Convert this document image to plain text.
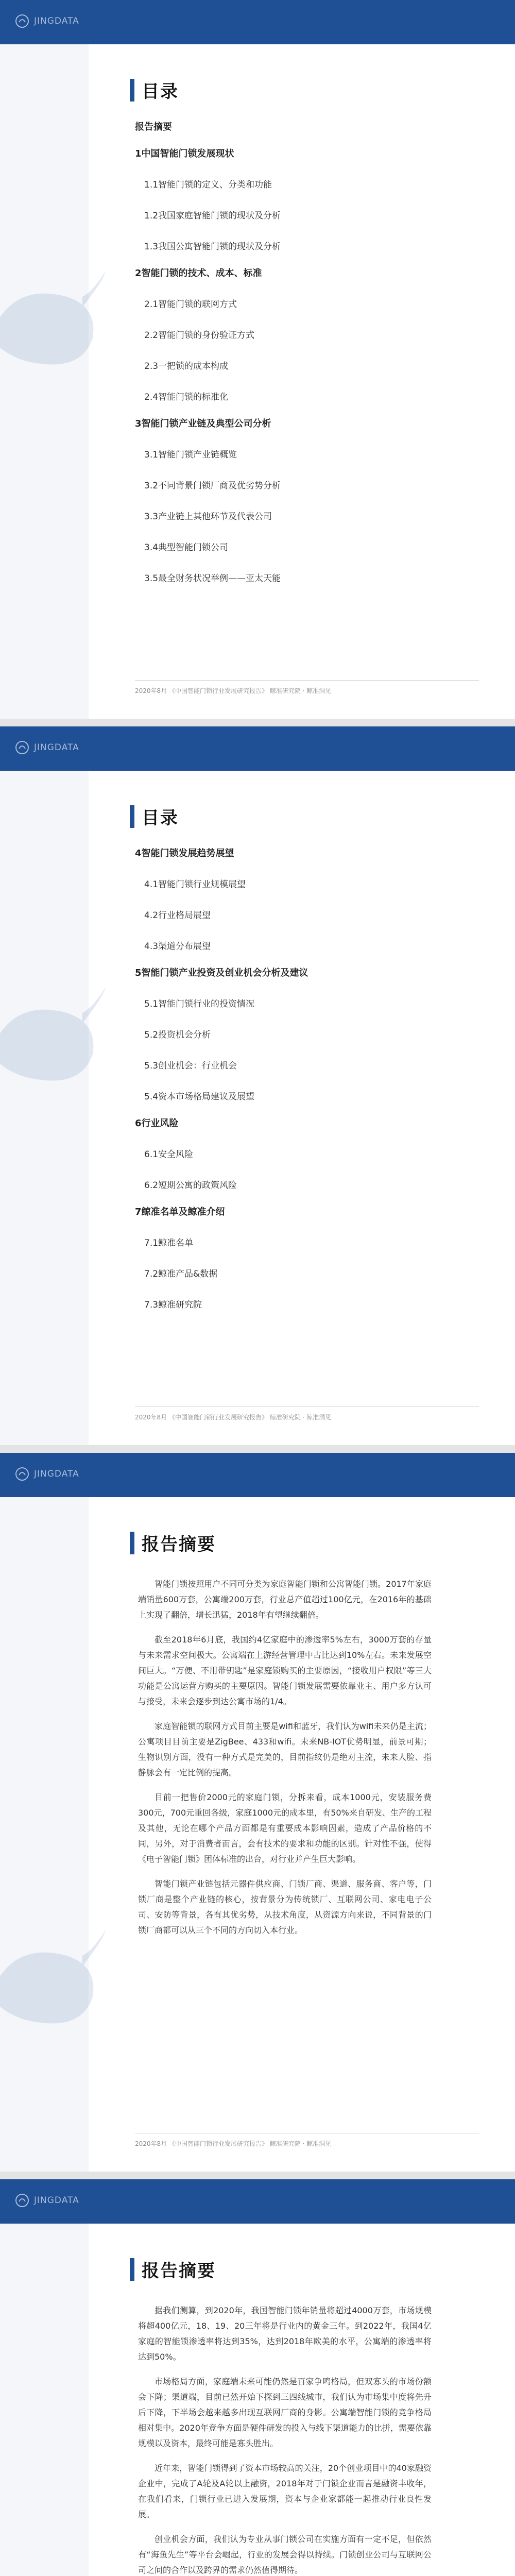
JINGDATA
目录
报告摘要
1中国智能门锁发展现状
1.1智能门锁的定义、分类和功能
1.2我国家庭智能门锁的现状及分析
1.3我国公寓智能门锁的现状及分析
2智能门锁的技术、成本、标准
2.1智能门锁的联网方式
2.2智能门锁的身份验证方式
2.3一把锁的成本构成
2.4智能门锁的标准化
3智能门锁产业链及典型公司分析
3.1智能门锁产业链概览
3.2不同背景门锁厂商及优劣势分析
3.3产业链上其他环节及代表公司
3.4典型智能门锁公司
3.5最全财务状况举例——亚太天能
2020年8月 《中国智能门锁行业发展研究报告》 鲸准研究院 · 鲸准洞见
JINGDATA
目录
4智能门锁发展趋势展望
4.1智能门锁行业规模展望
4.2行业格局展望
4.3渠道分布展望
5智能门锁产业投资及创业机会分析及建议
5.1智能门锁行业的投资情况
5.2投资机会分析
5.3创业机会：行业机会
5.4资本市场格局建议及展望
6行业风险
6.1安全风险
6.2短期公寓的政策风险
7鲸准名单及鲸准介绍
7.1鲸准名单
7.2鲸准产品&数据
7.3鲸准研究院
2020年8月 《中国智能门锁行业发展研究报告》 鲸准研究院 · 鲸准洞见
JINGDATA
报告摘要

智能门锁按照用户不同可分类为家庭智能门锁和公寓智能门锁。2017年家庭端销量600万套，公寓端200万套，行业总产值超过100亿元，在2016年的基础上实现了翻倍，增长迅猛，2018年有望继续翻倍。

截至2018年6月底，我国约4亿家庭中的渗透率5%左右，3000万套的存量与未来需求空间极大。公寓端在上游经营管理中占比达到10%左右。未来发展空间巨大。“万便、不用带钥匙”是家庭锁购买的主要原因，“接收用户权限”等三大功能是公寓运营方购买的主要原因。智能门锁发展需要依靠业主、用户多方认可与接受，未来会逐步到达公寓市场的1/4。

家庭智能锁的联网方式目前主要是wifi和蓝牙，我们认为wifi未来仍是主流；公寓项目目前主要是ZigBee、433和wifi。未来NB-IOT优势明显，前景可期；生物识别方面，没有一种方式是完美的，目前指纹仍是绝对主流，未来人脸、指静脉会有一定比例的提高。

目前一把售价2000元的家庭门锁，分拆来看，成本1000元，安装服务费300元，700元重回各级，家庭1000元的成本里，有50%来自研发、生产的工程及其他，无论在哪个产品方面都是有重要成本影响因素，造成了产品价格的不同，另外，对于消费者而言，会有技术的要求和功能的区别。针对性不强，使得《电子智能门锁》团体标准的出台，对行业并产生巨大影响。

智能门锁产业链包括元器件供应商、门锁厂商、渠道、服务商、客户等，门锁厂商是整个产业链的核心，按背景分为传统锁厂、互联网公司、家电电子公司、安防等背景，各有其优劣势，从技术角度，从资源方向来说，不同背景的门锁厂商都可以从三个不同的方向切入本行业。

2020年8月 《中国智能门锁行业发展研究报告》 鲸准研究院 · 鲸准洞见
JINGDATA
报告摘要

据我们测算，到2020年，我国智能门锁年销量将超过4000万套，市场规模将超400亿元，18、19、20三年将是行业内的黄金三年。到2022年，我国4亿家庭的智能锁渗透率将达到35%，达到2018年欧美的水平，公寓端的渗透率将达到50%。

市场格局方面，家庭端未来可能仍然是百家争鸣格局，但双寡头的市场份额会下降；渠道端，目前已然开始下探到三四线城市，我们认为市场集中度将先升后下降，下半场会越来越多出现互联网厂商的身影。公寓端智能门锁的竞争格局相对集中。2020年竞争方面是硬件研发的投入与线下渠道能力的比拼，需要依靠规模以及资本，最终可能是寡头胜出。

近年来，智能门锁得到了资本市场较高的关注，20个创业项目中的40家融资企业中，完成了A轮及A轮以上融资，2018年对于门锁企业而言是融资丰收年，在我们看来，门锁行业已进入发展期，资本与企业家都能一起推动行业良性发展。

创业机会方面，我们认为专业从事门锁公司在实施方面有一定不足，但依然有“海鱼先生”等平台会崛起，行业的发展会得以持续。门锁创业公司与互联网公司之间的合作以及跨界的需求仍然值得期待。
